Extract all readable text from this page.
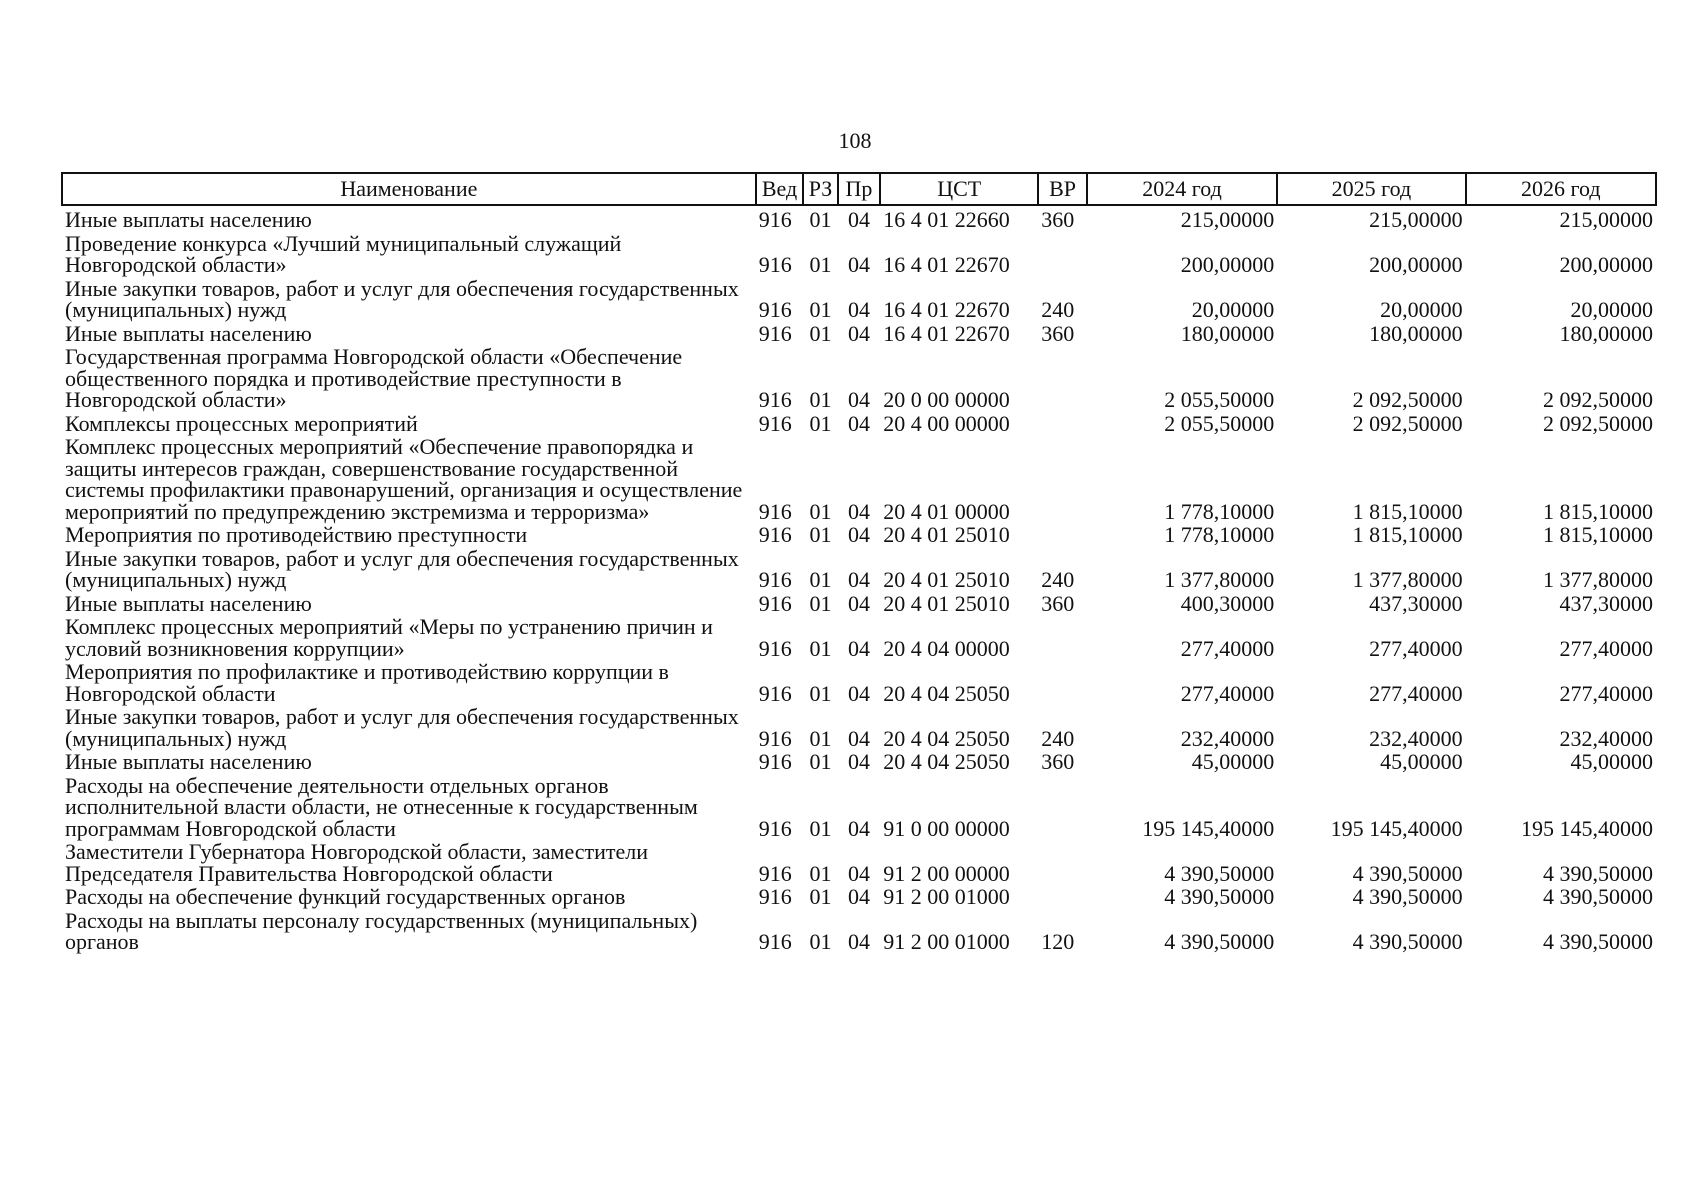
108
Наименование	Вед	РЗ	Пр	ЦСТ	ВР	2024 год	2025 год	2026 год
Иные выплаты населению	916	01	04	16 4 01 22660	360	215,00000	215,00000	215,00000
Проведение конкурса «Лучший муниципальный служащий Новгородской области»	916	01	04	16 4 01 22670		200,00000	200,00000	200,00000
Иные закупки товаров, работ и услуг для обеспечения государственных (муниципальных) нужд	916	01	04	16 4 01 22670	240	20,00000	20,00000	20,00000
Иные выплаты населению	916	01	04	16 4 01 22670	360	180,00000	180,00000	180,00000
Государственная программа Новгородской области «Обеспечение общественного порядка и противодействие преступности в Новгородской области»	916	01	04	20 0 00 00000		2 055,50000	2 092,50000	2 092,50000
Комплексы процессных мероприятий	916	01	04	20 4 00 00000		2 055,50000	2 092,50000	2 092,50000
Комплекс процессных мероприятий «Обеспечение правопорядка и защиты интересов граждан, совершенствование государственной системы профилактики правонарушений, организация и осуществление мероприятий по предупреждению экстремизма и терроризма»	916	01	04	20 4 01 00000		1 778,10000	1 815,10000	1 815,10000
Мероприятия по противодействию преступности	916	01	04	20 4 01 25010		1 778,10000	1 815,10000	1 815,10000
Иные закупки товаров, работ и услуг для обеспечения государственных (муниципальных) нужд	916	01	04	20 4 01 25010	240	1 377,80000	1 377,80000	1 377,80000
Иные выплаты населению	916	01	04	20 4 01 25010	360	400,30000	437,30000	437,30000
Комплекс процессных мероприятий «Меры по устранению причин и условий возникновения коррупции»	916	01	04	20 4 04 00000		277,40000	277,40000	277,40000
Мероприятия по профилактике и противодействию коррупции в Новгородской области	916	01	04	20 4 04 25050		277,40000	277,40000	277,40000
Иные закупки товаров, работ и услуг для обеспечения государственных (муниципальных) нужд	916	01	04	20 4 04 25050	240	232,40000	232,40000	232,40000
Иные выплаты населению	916	01	04	20 4 04 25050	360	45,00000	45,00000	45,00000
Расходы на обеспечение деятельности отдельных органов исполнительной власти области, не отнесенные к государственным программам Новгородской области	916	01	04	91 0 00 00000		195 145,40000	195 145,40000	195 145,40000
Заместители Губернатора Новгородской области, заместители Председателя Правительства Новгородской области	916	01	04	91 2 00 00000		4 390,50000	4 390,50000	4 390,50000
Расходы на обеспечение функций государственных органов	916	01	04	91 2 00 01000		4 390,50000	4 390,50000	4 390,50000
Расходы на выплаты персоналу государственных (муниципальных) органов	916	01	04	91 2 00 01000	120	4 390,50000	4 390,50000	4 390,50000
